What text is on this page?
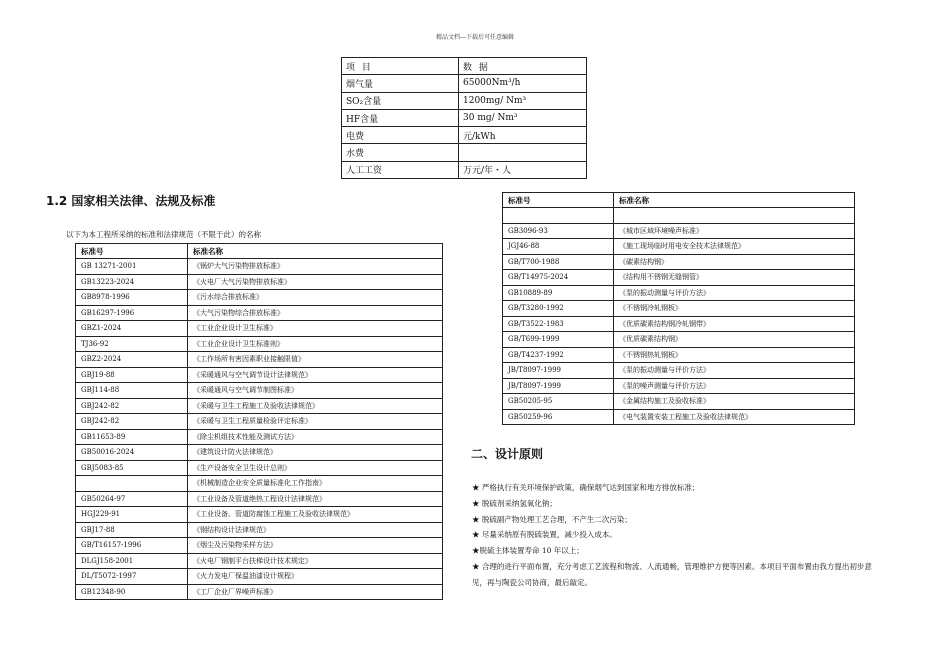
精品文档---下载后可任意编辑
项 目	数 据
烟气量	65000Nm³/h
SO₂含量	1200mg/ Nm³
HF含量	30 mg/ Nm³
电费	元/kWh
水费	
人工工资	万元/年・人
1.2 国家相关法律、法规及标准
以下为本工程所采纳的标准和法律规范（不限于此）的名称
标准号	标准名称
GB 13271-2001	《锅炉大气污染物排放标准》
GB13223-2024	《火电厂大气污染物排放标准》
GB8978-1996	《污水综合排放标准》
GB16297-1996	《大气污染物综合排放标准》
GBZ1-2024	《工业企业设计卫生标准》
TJ36-92	《工业企业设计卫生标准则》
GBZ2-2024	《工作场所有害因素职业接触限值》
GBJ19-88	《采暖通风与空气调节设计法律规范》
GBJ114-88	《采暖通风与空气调节制图标准》
GBJ242-82	《采暖与卫生工程施工及验收法律规范》
GBJ242-82	《采暖与卫生工程质量检验评定标准》
GB11653-89	《除尘机组技术性能及测试方法》
GB50016-2024	《建筑设计防火法律规范》
GBJ5083-85	《生产设备安全卫生设计总则》
	《机械制造企业安全质量标准化工作指南》
GB50264-97	《工业设备及管道绝热工程设计法律规范》
HGJ229-91	《工业设备、管道防腐蚀工程施工及验收法律规范》
GBJ17-88	《钢结构设计法律规范》
GB/T16157-1996	《烟尘及污染物采样方法》
DLGJ158-2001	《火电厂钢制平台扶梯设计技术规定》
DL/T5072-1997	《火力发电厂保温油漆设计规程》
GB12348-90	《工厂企业厂界噪声标准》
标准号	标准名称

GB3096-93	《城市区域环境噪声标准》
JGJ46-88	《施工现场临时用电安全技术法律规范》
GB/T700-1988	《碳素结构钢》
GB/T14975-2024	《结构用不锈钢无缝钢管》
GB10889-89	《泵的振动测量与评价方法》
GB/T3280-1992	《不锈钢冷轧钢板》
GB/T3522-1983	《优质碳素结构钢冷轧钢带》
GB/T699-1999	《优质碳素结构钢》
GB/T4237-1992	《不锈钢热轧钢板》
JB/T8097-1999	《泵的振动测量与评价方法》
JB/T8097-1999	《泵的噪声测量与评价方法》
GB50205-95	《金属结构施工及验收标准》
GB50259-96	《电气装置安装工程施工及验收法律规范》
二、设计原则

★ 严格执行有关环境保护政策，确保烟气达到国家和地方排放标准；

★ 脱硫剂采纳氢氧化钠；

★ 脱硫副产物处理工艺合理，不产生二次污染；

★ 尽量采纳原有脱硫装置，减少投入成本。

★脱硫主体装置寿命 10 年以上；

★ 合理的进行平面布置，充分考虑工艺流程和物流、人流通畅，管理维护方便等因素。本项目平面布置由我方提出初步意见，再与陶瓷公司协商，最后敲定。
